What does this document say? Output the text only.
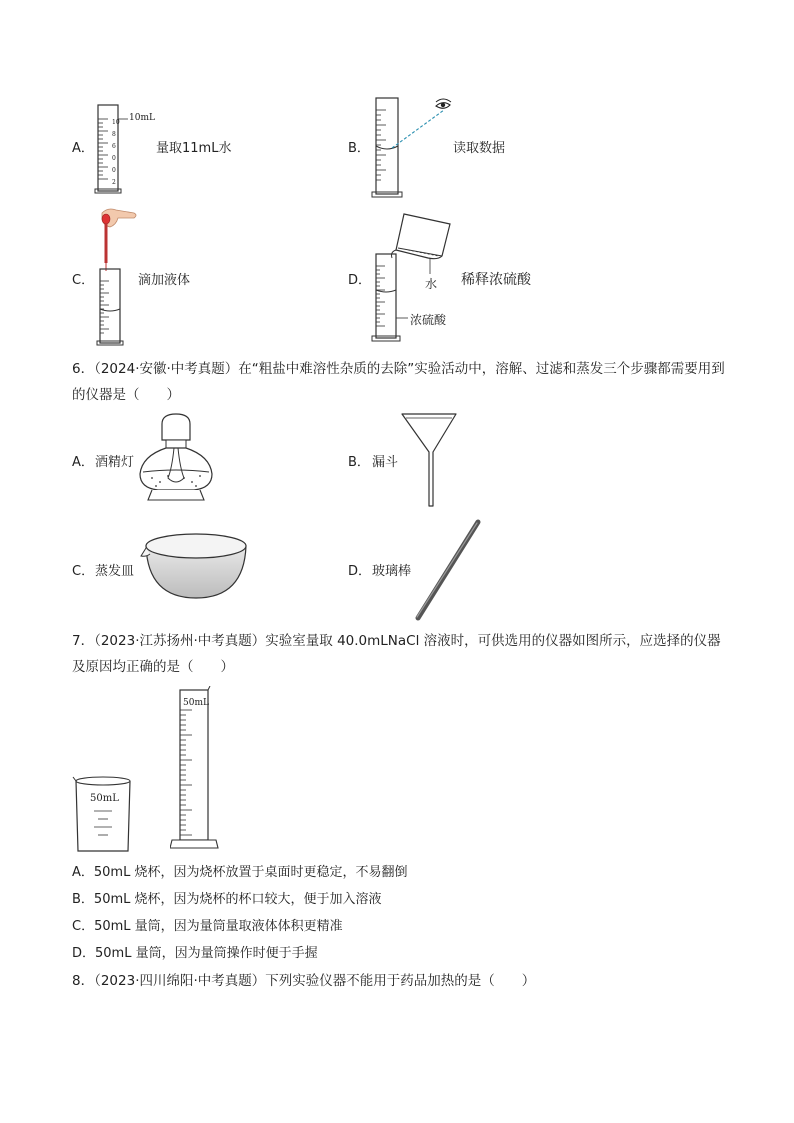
A．
10mL
10
8
6
0
0
2
量取11mL水	B．	读取数据
C．	滴加液体	D．	水
浓硫酸
稀释浓硫酸
6．（2024·安徽·中考真题）在“粗盐中难溶性杂质的去除”实验活动中，溶解、过滤和蒸发三个步骤都需要用到的仪器是（　　）
A． 酒精灯	B． 漏斗
C． 蒸发皿	D． 玻璃棒
7．（2023·江苏扬州·中考真题）实验室量取 40.0mLNaCl 溶液时，可供选用的仪器如图所示，应选择的仪器及原因均正确的是（　　）
50mL
50mL
A．50mL 烧杯，因为烧杯放置于桌面时更稳定，不易翻倒
B．50mL 烧杯，因为烧杯的杯口较大，便于加入溶液
C．50mL 量筒，因为量筒量取液体体积更精准
D．50mL 量筒，因为量筒操作时便于手握
8．（2023·四川绵阳·中考真题）下列实验仪器不能用于药品加热的是（　　）
